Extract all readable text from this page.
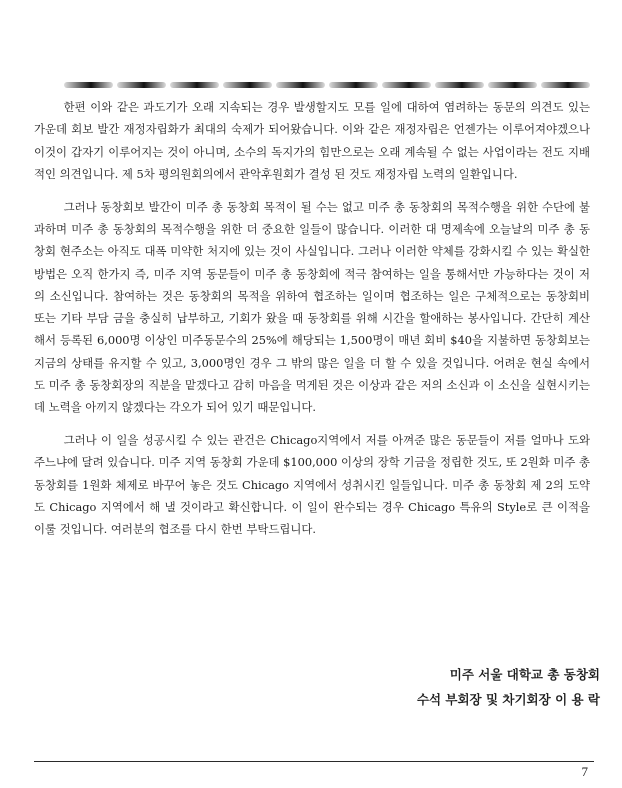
한편 이와 같은 과도기가 오래 지속되는 경우 발생할지도 모를 일에 대하여 염려하는 동문의 의견도 있는 가운데 회보 발간 재정자립화가 최대의 숙제가 되어왔습니다. 이와 같은 재정자립은 언젠가는 이루어져야겠으나 이것이 갑자기 이루어지는 것이 아니며, 소수의 독지가의 힘만으로는 오래 계속될 수 없는 사업이라는 전도 지배적인 의견입니다. 제 5차 평의원회의에서 관악후원회가 결성 된 것도 재정자립 노력의 일환입니다.

그러나 동창회보 발간이 미주 총 동창회 목적이 될 수는 없고 미주 총 동창회의 목적수행을 위한 수단에 불과하며 미주 총 동창회의 목적수행을 위한 더 중요한 일들이 많습니다. 이러한 대 명제속에 오늘날의 미주 총 동창회 현주소는 아직도 대폭 미약한 처지에 있는 것이 사실입니다. 그러나 이러한 약체를 강화시킬 수 있는 확실한 방법은 오직 한가지 즉, 미주 지역 동문들이 미주 총 동창회에 적극 참여하는 일을 통해서만 가능하다는 것이 저의 소신입니다. 참여하는 것은 동창회의 목적을 위하여 협조하는 일이며 협조하는 일은 구체적으로는 동창회비 또는 기타 부담 금을 충실히 납부하고, 기회가 왔을 때 동창회를 위해 시간을 할애하는 봉사입니다. 간단히 계산해서 등록된 6,000명 이상인 미주동문수의 25%에 해당되는 1,500명이 매년 회비 $40을 지불하면 동창회보는 지금의 상태를 유지할 수 있고, 3,000명인 경우 그 밖의 많은 일을 더 할 수 있을 것입니다. 어려운 현실 속에서도 미주 총 동창회장의 직분을 맡겠다고 감히 마음을 먹게된 것은 이상과 같은 저의 소신과 이 소신을 실현시키는데 노력을 아끼지 않겠다는 각오가 되어 있기 때문입니다.

그러나 이 일을 성공시킬 수 있는 관건은 Chicago지역에서 저를 아껴준 많은 동문들이 저를 얼마나 도와주느냐에 달려 있습니다. 미주 지역 동창회 가운데 $100,000 이상의 장학 기금을 정립한 것도, 또 2원화 미주 총 동창회를 1원화 체제로 바꾸어 놓은 것도 Chicago 지역에서 성취시킨 일들입니다. 미주 총 동창회 제 2의 도약도 Chicago 지역에서 해 낼 것이라고 확신합니다. 이 일이 완수되는 경우 Chicago 특유의 Style로 큰 이적을 이룰 것입니다. 여러분의 협조를 다시 한번 부탁드립니다.

미주 서울 대학교 총 동창회
수석 부회장 및 차기회장 이 용 락
7
